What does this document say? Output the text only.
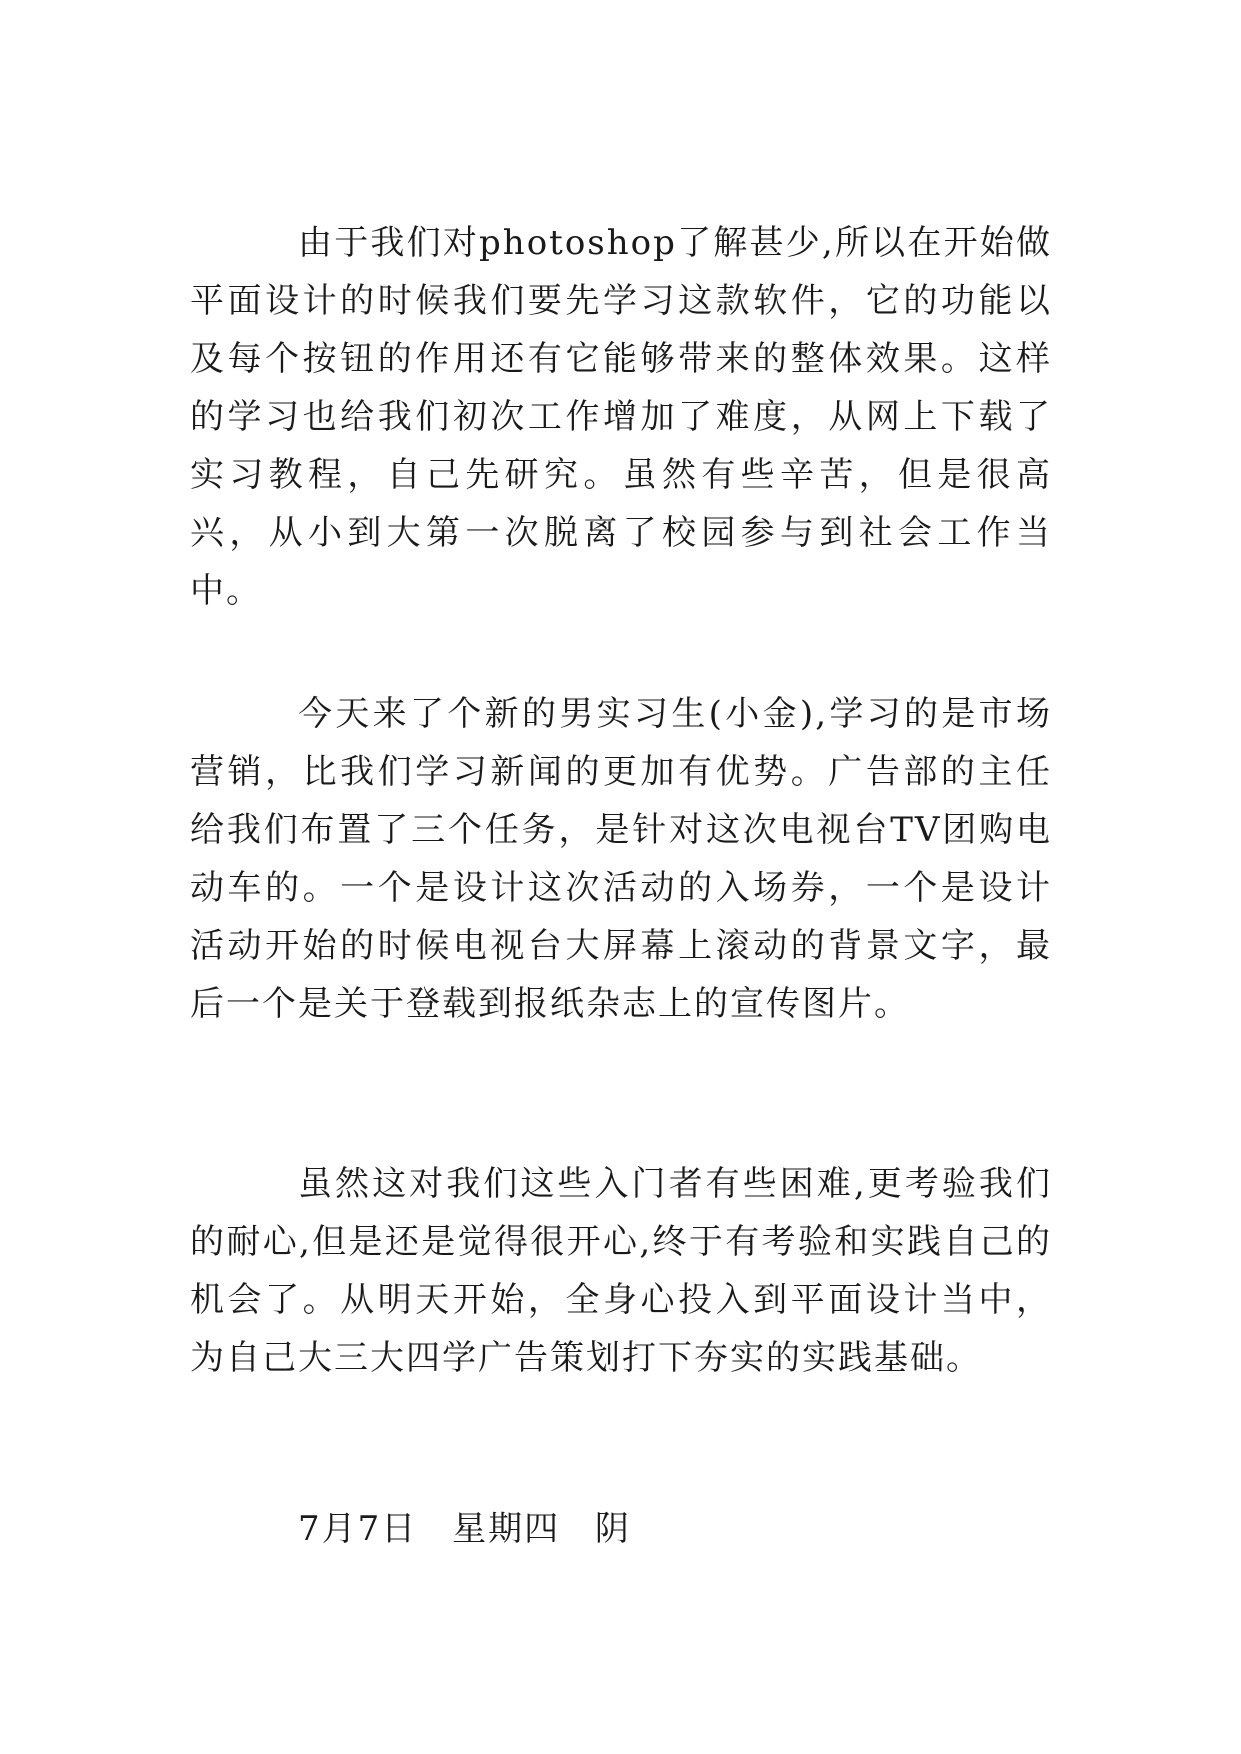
由于我们对photoshop了解甚少,所以在开始做平面设计的时候我们要先学习这款软件，它的功能以及每个按钮的作用还有它能够带来的整体效果。这样的学习也给我们初次工作增加了难度，从网上下载了实习教程，自己先研究。虽然有些辛苦，但是很高兴，从小到大第一次脱离了校园参与到社会工作当中。

今天来了个新的男实习生(小金),学习的是市场营销，比我们学习新闻的更加有优势。广告部的主任给我们布置了三个任务，是针对这次电视台TV团购电动车的。一个是设计这次活动的入场券，一个是设计活动开始的时候电视台大屏幕上滚动的背景文字，最后一个是关于登载到报纸杂志上的宣传图片。

虽然这对我们这些入门者有些困难,更考验我们的耐心,但是还是觉得很开心,终于有考验和实践自己的机会了。从明天开始，全身心投入到平面设计当中，为自己大三大四学广告策划打下夯实的实践基础。

7月7日 星期四 阴
